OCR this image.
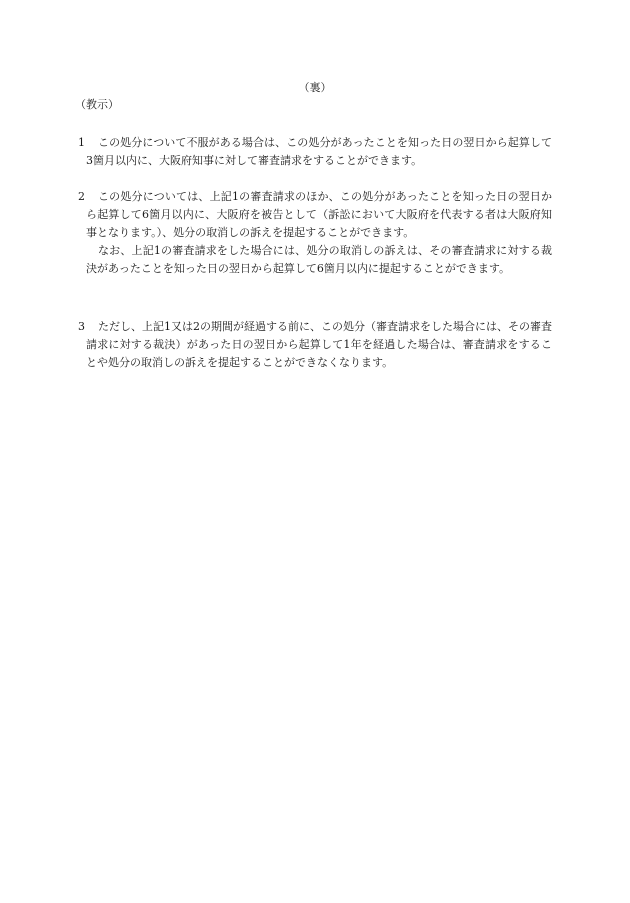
（裏）
（教示）
1	この処分について不服がある場合は、この処分があったことを知った日の翌日から起算して3箇月以内に、大阪府知事に対して審査請求をすることができます。

2	この処分については、上記1の審査請求のほか、この処分があったことを知った日の翌日から起算して6箇月以内に、大阪府を被告として（訴訟において大阪府を代表する者は大阪府知事となります。）、処分の取消しの訴えを提起することができます。

なお、上記1の審査請求をした場合には、処分の取消しの訴えは、その審査請求に対する裁決があったことを知った日の翌日から起算して6箇月以内に提起することができます。

3	ただし、上記1又は2の期間が経過する前に、この処分（審査請求をした場合には、その審査請求に対する裁決）があった日の翌日から起算して1年を経過した場合は、審査請求をすることや処分の取消しの訴えを提起することができなくなります。
